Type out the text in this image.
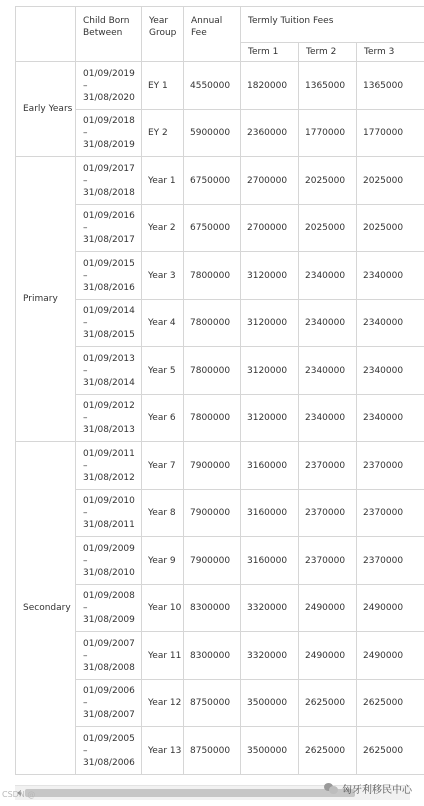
	Child Born Between	Year Group	Annual Fee	Termly Tuition Fees		
				Term 1	Term 2	Term 3
Early Years	01/09/2019 – 31/08/2020	EY 1	4550000	1820000	1365000	1365000
	01/09/2018 – 31/08/2019	EY 2	5900000	2360000	1770000	1770000
Primary	01/09/2017 – 31/08/2018	Year 1	6750000	2700000	2025000	2025000
	01/09/2016 – 31/08/2017	Year 2	6750000	2700000	2025000	2025000
	01/09/2015 – 31/08/2016	Year 3	7800000	3120000	2340000	2340000
	01/09/2014 – 31/08/2015	Year 4	7800000	3120000	2340000	2340000
	01/09/2013 – 31/08/2014	Year 5	7800000	3120000	2340000	2340000
	01/09/2012 – 31/08/2013	Year 6	7800000	3120000	2340000	2340000
Secondary	01/09/2011 – 31/08/2012	Year 7	7900000	3160000	2370000	2370000
	01/09/2010 – 31/08/2011	Year 8	7900000	3160000	2370000	2370000
	01/09/2009 – 31/08/2010	Year 9	7900000	3160000	2370000	2370000
	01/09/2008 – 31/08/2009	Year 10	8300000	3320000	2490000	2490000
	01/09/2007 – 31/08/2008	Year 11	8300000	3320000	2490000	2490000
	01/09/2006 – 31/08/2007	Year 12	8750000	3500000	2625000	2625000
	01/09/2005 – 31/08/2006	Year 13	8750000	3500000	2625000	2625000
CSDN @	匈牙利移民中心
